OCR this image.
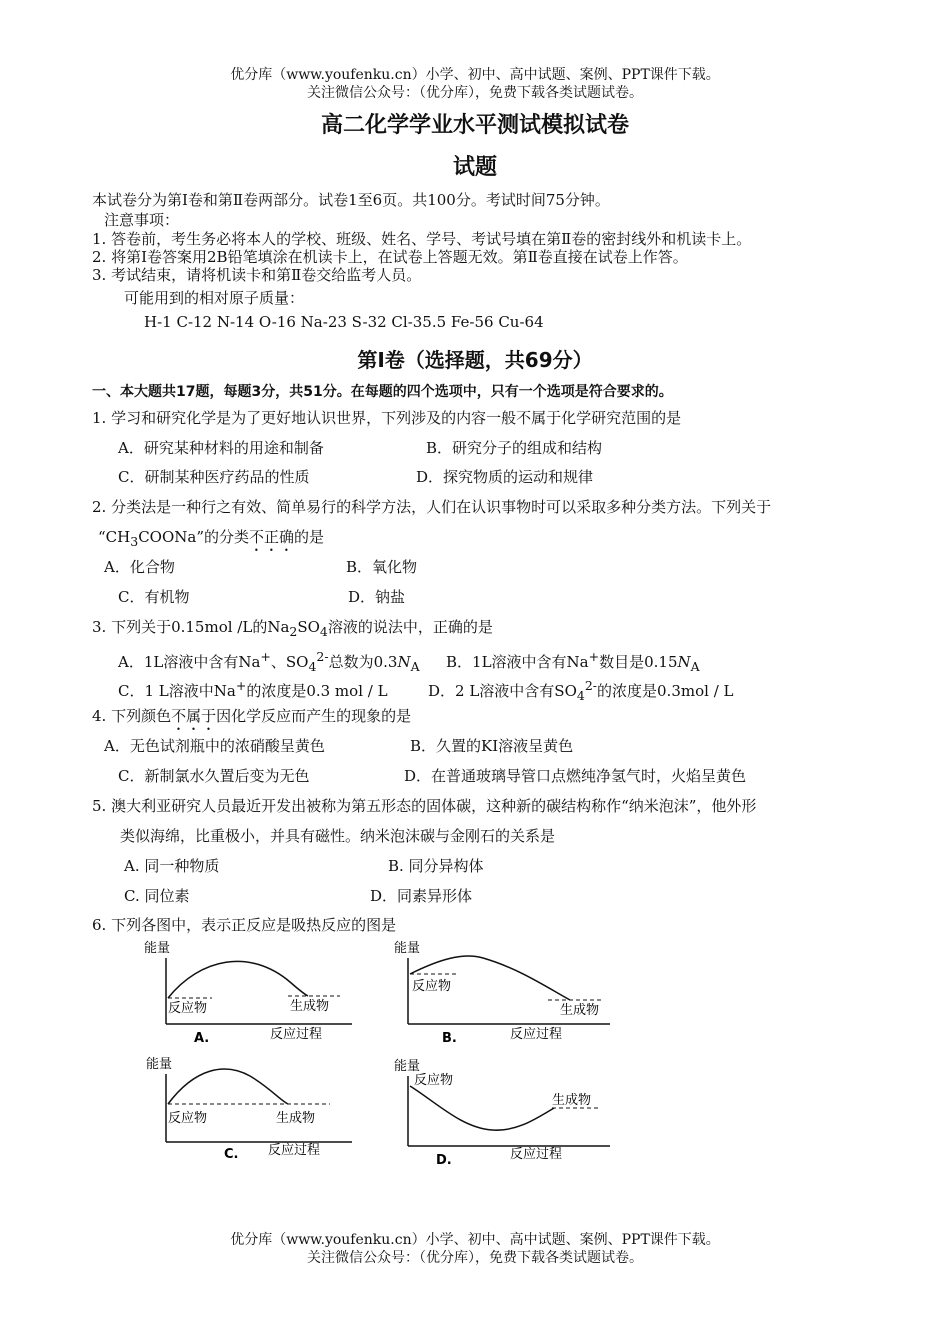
优分库（www.youfenku.cn）小学、初中、高中试题、案例、PPT课件下载。
关注微信公众号：（优分库），免费下载各类试题试卷。
高二化学学业水平测试模拟试卷
试题
本试卷分为第Ⅰ卷和第Ⅱ卷两部分。试卷1至6页。共100分。考试时间75分钟。
注意事项：
1. 答卷前，考生务必将本人的学校、班级、姓名、学号、考试号填在第Ⅱ卷的密封线外和机读卡上。
2. 将第Ⅰ卷答案用2B铅笔填涂在机读卡上，在试卷上答题无效。第Ⅱ卷直接在试卷上作答。
3. 考试结束，请将机读卡和第Ⅱ卷交给监考人员。
可能用到的相对原子质量：
H-1 C-12 N-14 O-16 Na-23 S-32 Cl-35.5 Fe-56 Cu-64
第Ⅰ卷（选择题，共69分）
一、本大题共17题，每题3分，共51分。在每题的四个选项中，只有一个选项是符合要求的。
1. 学习和研究化学是为了更好地认识世界，下列涉及的内容一般不属于化学研究范围的是
A．研究某种材料的用途和制备	B．研究分子的组成和结构
C．研制某种医疗药品的性质	D．探究物质的运动和规律
2. 分类法是一种行之有效、简单易行的科学方法，人们在认识事物时可以采取多种分类方法。下列关于
“$CH_3COONa$”的分类不正确的是
A．化合物	B．氧化物
C．有机物	D．钠盐
3. 下列关于0.15mol /L的$Na_2SO_4$溶液的说法中，正确的是
A．1L溶液中含有Na+、$SO_4^{2-}$总数为$0.3N_A$ B．1L溶液中含有Na+数目是$0.15N_A$
C．1 L溶液中Na+的浓度是0.3 mol / L	D．2 L溶液中含有$SO_4^{2-}$的浓度是0.3mol / L
4. 下列颜色不属于因化学反应而产生的现象的是
A．无色试剂瓶中的浓硝酸呈黄色	B．久置的KI溶液呈黄色
C．新制氯水久置后变为无色	D．在普通玻璃导管口点燃纯净氢气时，火焰呈黄色
5. 澳大利亚研究人员最近开发出被称为第五形态的固体碳，这种新的碳结构称作“纳米泡沫”，他外形
类似海绵，比重极小，并具有磁性。纳米泡沫碳与金刚石的关系是
A. 同一种物质	B. 同分异构体
C. 同位素	D．同素异形体
6. 下列各图中，表示正反应是吸热反应的图是
能量
反应物	生成物
A.	反应过程
能量
反应物
生成物
B.	反应过程
能量
反应物	生成物
C. 反应过程
能量
反应物
生成物
D.	反应过程
优分库（www.youfenku.cn）小学、初中、高中试题、案例、PPT课件下载。
关注微信公众号：（优分库），免费下载各类试题试卷。
